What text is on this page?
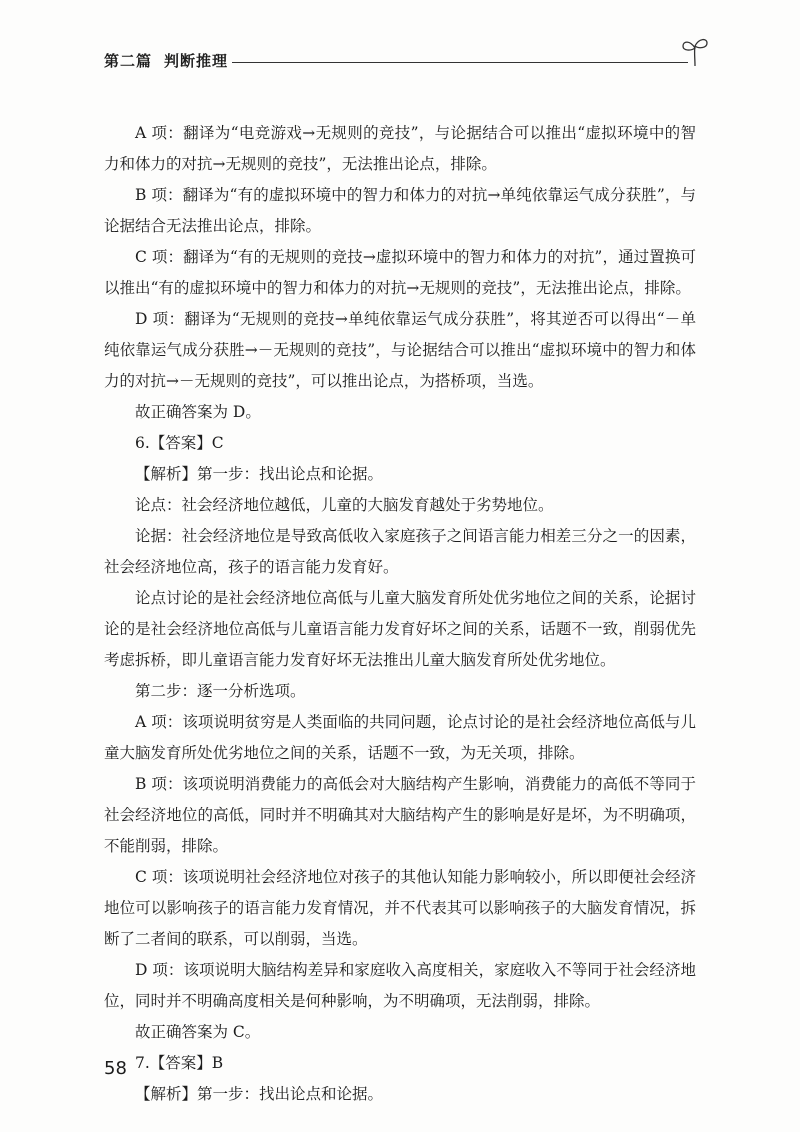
第二篇 判断推理

A 项：翻译为“电竞游戏→无规则的竞技”，与论据结合可以推出“虚拟环境中的智力和体力的对抗→无规则的竞技”，无法推出论点，排除。

B 项：翻译为“有的虚拟环境中的智力和体力的对抗→单纯依靠运气成分获胜”，与论据结合无法推出论点，排除。

C 项：翻译为“有的无规则的竞技→虚拟环境中的智力和体力的对抗”，通过置换可以推出“有的虚拟环境中的智力和体力的对抗→无规则的竞技”，无法推出论点，排除。

D 项：翻译为“无规则的竞技→单纯依靠运气成分获胜”，将其逆否可以得出“－单纯依靠运气成分获胜→－无规则的竞技”，与论据结合可以推出“虚拟环境中的智力和体力的对抗→－无规则的竞技”，可以推出论点，为搭桥项，当选。

故正确答案为 D。

6.【答案】C

【解析】第一步：找出论点和论据。

论点：社会经济地位越低，儿童的大脑发育越处于劣势地位。

论据：社会经济地位是导致高低收入家庭孩子之间语言能力相差三分之一的因素，社会经济地位高，孩子的语言能力发育好。

论点讨论的是社会经济地位高低与儿童大脑发育所处优劣地位之间的关系，论据讨论的是社会经济地位高低与儿童语言能力发育好坏之间的关系，话题不一致，削弱优先考虑拆桥，即儿童语言能力发育好坏无法推出儿童大脑发育所处优劣地位。

第二步：逐一分析选项。

A 项：该项说明贫穷是人类面临的共同问题，论点讨论的是社会经济地位高低与儿童大脑发育所处优劣地位之间的关系，话题不一致，为无关项，排除。

B 项：该项说明消费能力的高低会对大脑结构产生影响，消费能力的高低不等同于社会经济地位的高低，同时并不明确其对大脑结构产生的影响是好是坏，为不明确项，不能削弱，排除。

C 项：该项说明社会经济地位对孩子的其他认知能力影响较小，所以即便社会经济地位可以影响孩子的语言能力发育情况，并不代表其可以影响孩子的大脑发育情况，拆断了二者间的联系，可以削弱，当选。

D 项：该项说明大脑结构差异和家庭收入高度相关，家庭收入不等同于社会经济地位，同时并不明确高度相关是何种影响，为不明确项，无法削弱，排除。

故正确答案为 C。

7.【答案】B

【解析】第一步：找出论点和论据。

58
